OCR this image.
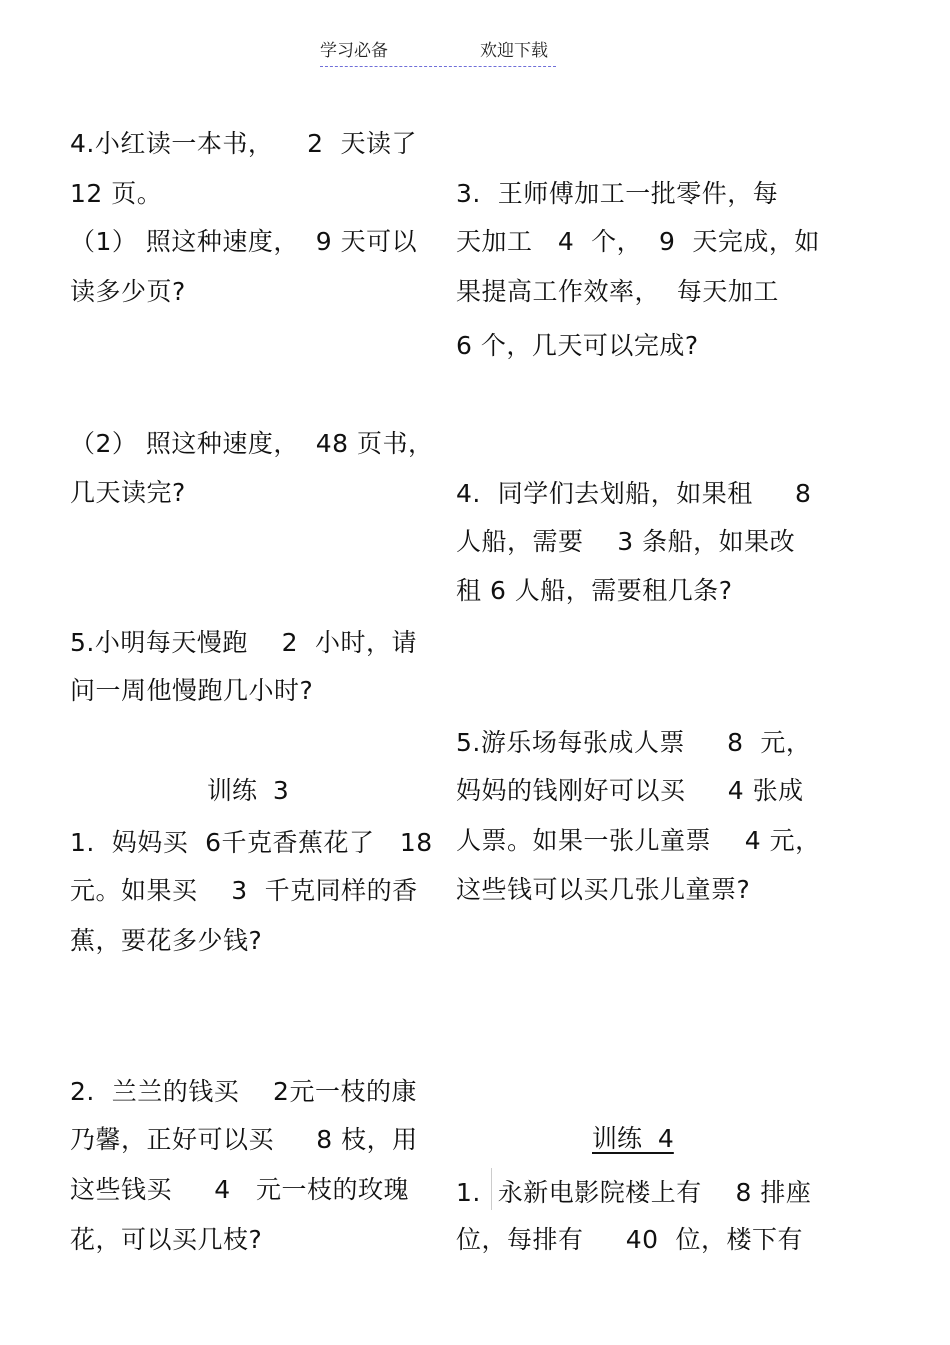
学习必备	欢迎下载
4.小红读一本书，    2  天读了
12 页。
（1） 照这种速度，  9 天可以
读多少页?
（2） 照这种速度，  48 页书，
几天读完?
5.小明每天慢跑    2  小时，请
问一周他慢跑几小时?
训练  3
1.  妈妈买  6千克香蕉花了   18
元。如果买    3  千克同样的香
蕉，要花多少钱?
2.  兰兰的钱买    2元一枝的康
乃馨，正好可以买     8 枝，用
这些钱买     4   元一枝的玫瑰
花，可以买几枝?
3.  王师傅加工一批零件，每
天加工   4  个，  9  天完成，如
果提高工作效率，  每天加工
6 个，几天可以完成?
4.  同学们去划船，如果租     8
人船，需要    3 条船，如果改
租 6 人船，需要租几条?
5.游乐场每张成人票     8  元，
妈妈的钱刚好可以买     4 张成
人票。如果一张儿童票    4 元，
这些钱可以买几张儿童票?
训练  4
1.  永新电影院楼上有    8 排座
位，每排有     40  位，楼下有
